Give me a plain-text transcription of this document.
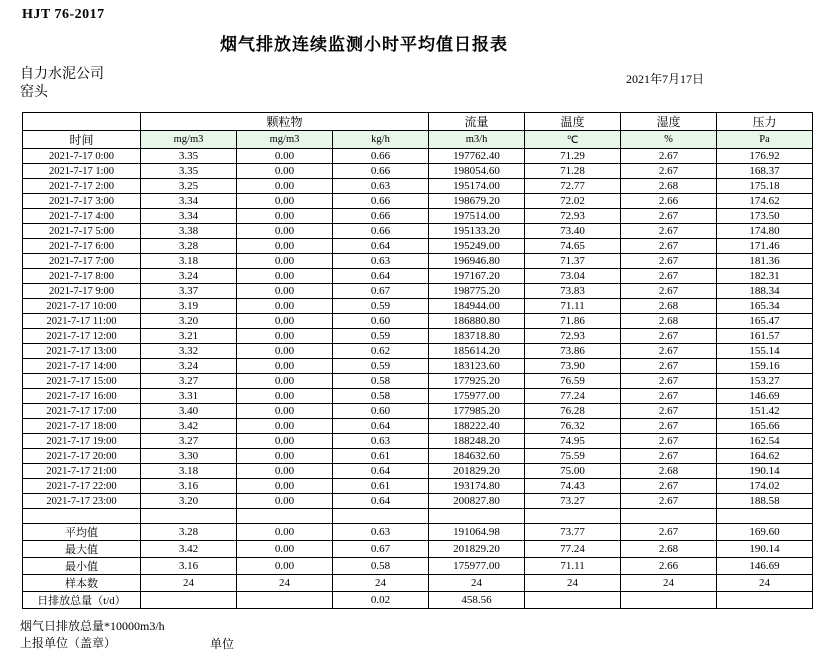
HJT 76-2017
烟气排放连续监测小时平均值日报表
自力水泥公司
窑头
2021年7月17日
	颗粒物			流量	温度	湿度	压力
时间	mg/m3	mg/m3	kg/h	m3/h	℃	%	Pa
2021-7-17 0:00	3.35	0.00	0.66	197762.40	71.29	2.67	176.92
2021-7-17 1:00	3.35	0.00	0.66	198054.60	71.28	2.67	168.37
2021-7-17 2:00	3.25	0.00	0.63	195174.00	72.77	2.68	175.18
2021-7-17 3:00	3.34	0.00	0.66	198679.20	72.02	2.66	174.62
2021-7-17 4:00	3.34	0.00	0.66	197514.00	72.93	2.67	173.50
2021-7-17 5:00	3.38	0.00	0.66	195133.20	73.40	2.67	174.80
2021-7-17 6:00	3.28	0.00	0.64	195249.00	74.65	2.67	171.46
2021-7-17 7:00	3.18	0.00	0.63	196946.80	71.37	2.67	181.36
2021-7-17 8:00	3.24	0.00	0.64	197167.20	73.04	2.67	182.31
2021-7-17 9:00	3.37	0.00	0.67	198775.20	73.83	2.67	188.34
2021-7-17 10:00	3.19	0.00	0.59	184944.00	71.11	2.68	165.34
2021-7-17 11:00	3.20	0.00	0.60	186880.80	71.86	2.68	165.47
2021-7-17 12:00	3.21	0.00	0.59	183718.80	72.93	2.67	161.57
2021-7-17 13:00	3.32	0.00	0.62	185614.20	73.86	2.67	155.14
2021-7-17 14:00	3.24	0.00	0.59	183123.60	73.90	2.67	159.16
2021-7-17 15:00	3.27	0.00	0.58	177925.20	76.59	2.67	153.27
2021-7-17 16:00	3.31	0.00	0.58	175977.00	77.24	2.67	146.69
2021-7-17 17:00	3.40	0.00	0.60	177985.20	76.28	2.67	151.42
2021-7-17 18:00	3.42	0.00	0.64	188222.40	76.32	2.67	165.66
2021-7-17 19:00	3.27	0.00	0.63	188248.20	74.95	2.67	162.54
2021-7-17 20:00	3.30	0.00	0.61	184632.60	75.59	2.67	164.62
2021-7-17 21:00	3.18	0.00	0.64	201829.20	75.00	2.68	190.14
2021-7-17 22:00	3.16	0.00	0.61	193174.80	74.43	2.67	174.02
2021-7-17 23:00	3.20	0.00	0.64	200827.80	73.27	2.67	188.58

平均值	3.28	0.00	0.63	191064.98	73.77	2.67	169.60
最大值	3.42	0.00	0.67	201829.20	77.24	2.68	190.14
最小值	3.16	0.00	0.58	175977.00	71.11	2.66	146.69
样本数	24	24	24	24	24	24	24
日排放总量（t/d）			0.02	458.56			
烟气日排放总量*10000m3/h
上报单位（盖章）	单位
